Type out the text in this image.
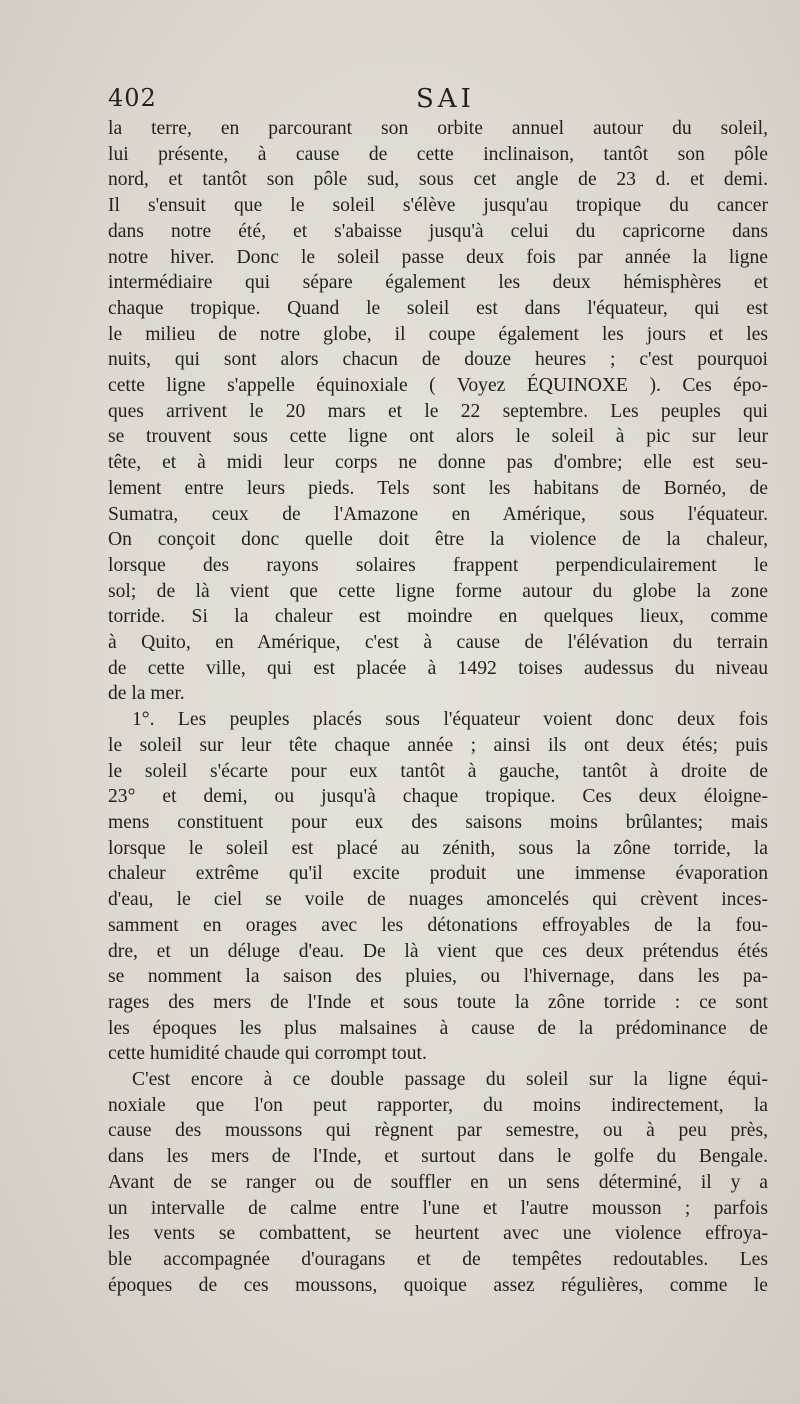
402	SAI

la terre, en parcourant son orbite annuel autour du soleil,

lui présente, à cause de cette inclinaison, tantôt son pôle

nord, et tantôt son pôle sud, sous cet angle de 23 d. et demi.

Il s'ensuit que le soleil s'élève jusqu'au tropique du cancer

dans notre été, et s'abaisse jusqu'à celui du capricorne dans

notre hiver. Donc le soleil passe deux fois par année la ligne

intermédiaire qui sépare également les deux hémisphères et

chaque tropique. Quand le soleil est dans l'équateur, qui est

le milieu de notre globe, il coupe également les jours et les

nuits, qui sont alors chacun de douze heures ; c'est pourquoi

cette ligne s'appelle équinoxiale ( Voyez ÉQUINOXE ). Ces épo-

ques arrivent le 20 mars et le 22 septembre. Les peuples qui

se trouvent sous cette ligne ont alors le soleil à pic sur leur

tête, et à midi leur corps ne donne pas d'ombre; elle est seu-

lement entre leurs pieds. Tels sont les habitans de Bornéo, de

Sumatra, ceux de l'Amazone en Amérique, sous l'équateur.

On conçoit donc quelle doit être la violence de la chaleur,

lorsque des rayons solaires frappent perpendiculairement le

sol; de là vient que cette ligne forme autour du globe la zone

torride. Si la chaleur est moindre en quelques lieux, comme

à Quito, en Amérique, c'est à cause de l'élévation du terrain

de cette ville, qui est placée à 1492 toises audessus du niveau

de la mer.

1°. Les peuples placés sous l'équateur voient donc deux fois

le soleil sur leur tête chaque année ; ainsi ils ont deux étés; puis

le soleil s'écarte pour eux tantôt à gauche, tantôt à droite de

23° et demi, ou jusqu'à chaque tropique. Ces deux éloigne-

mens constituent pour eux des saisons moins brûlantes; mais

lorsque le soleil est placé au zénith, sous la zône torride, la

chaleur extrême qu'il excite produit une immense évaporation

d'eau, le ciel se voile de nuages amoncelés qui crèvent inces-

samment en orages avec les détonations effroyables de la fou-

dre, et un déluge d'eau. De là vient que ces deux prétendus étés

se nomment la saison des pluies, ou l'hivernage, dans les pa-

rages des mers de l'Inde et sous toute la zône torride : ce sont

les époques les plus malsaines à cause de la prédominance de

cette humidité chaude qui corrompt tout.

C'est encore à ce double passage du soleil sur la ligne équi-

noxiale que l'on peut rapporter, du moins indirectement, la

cause des moussons qui règnent par semestre, ou à peu près,

dans les mers de l'Inde, et surtout dans le golfe du Bengale.

Avant de se ranger ou de souffler en un sens déterminé, il y a

un intervalle de calme entre l'une et l'autre mousson ; parfois

les vents se combattent, se heurtent avec une violence effroya-

ble accompagnée d'ouragans et de tempêtes redoutables. Les

époques de ces moussons, quoique assez régulières, comme le
